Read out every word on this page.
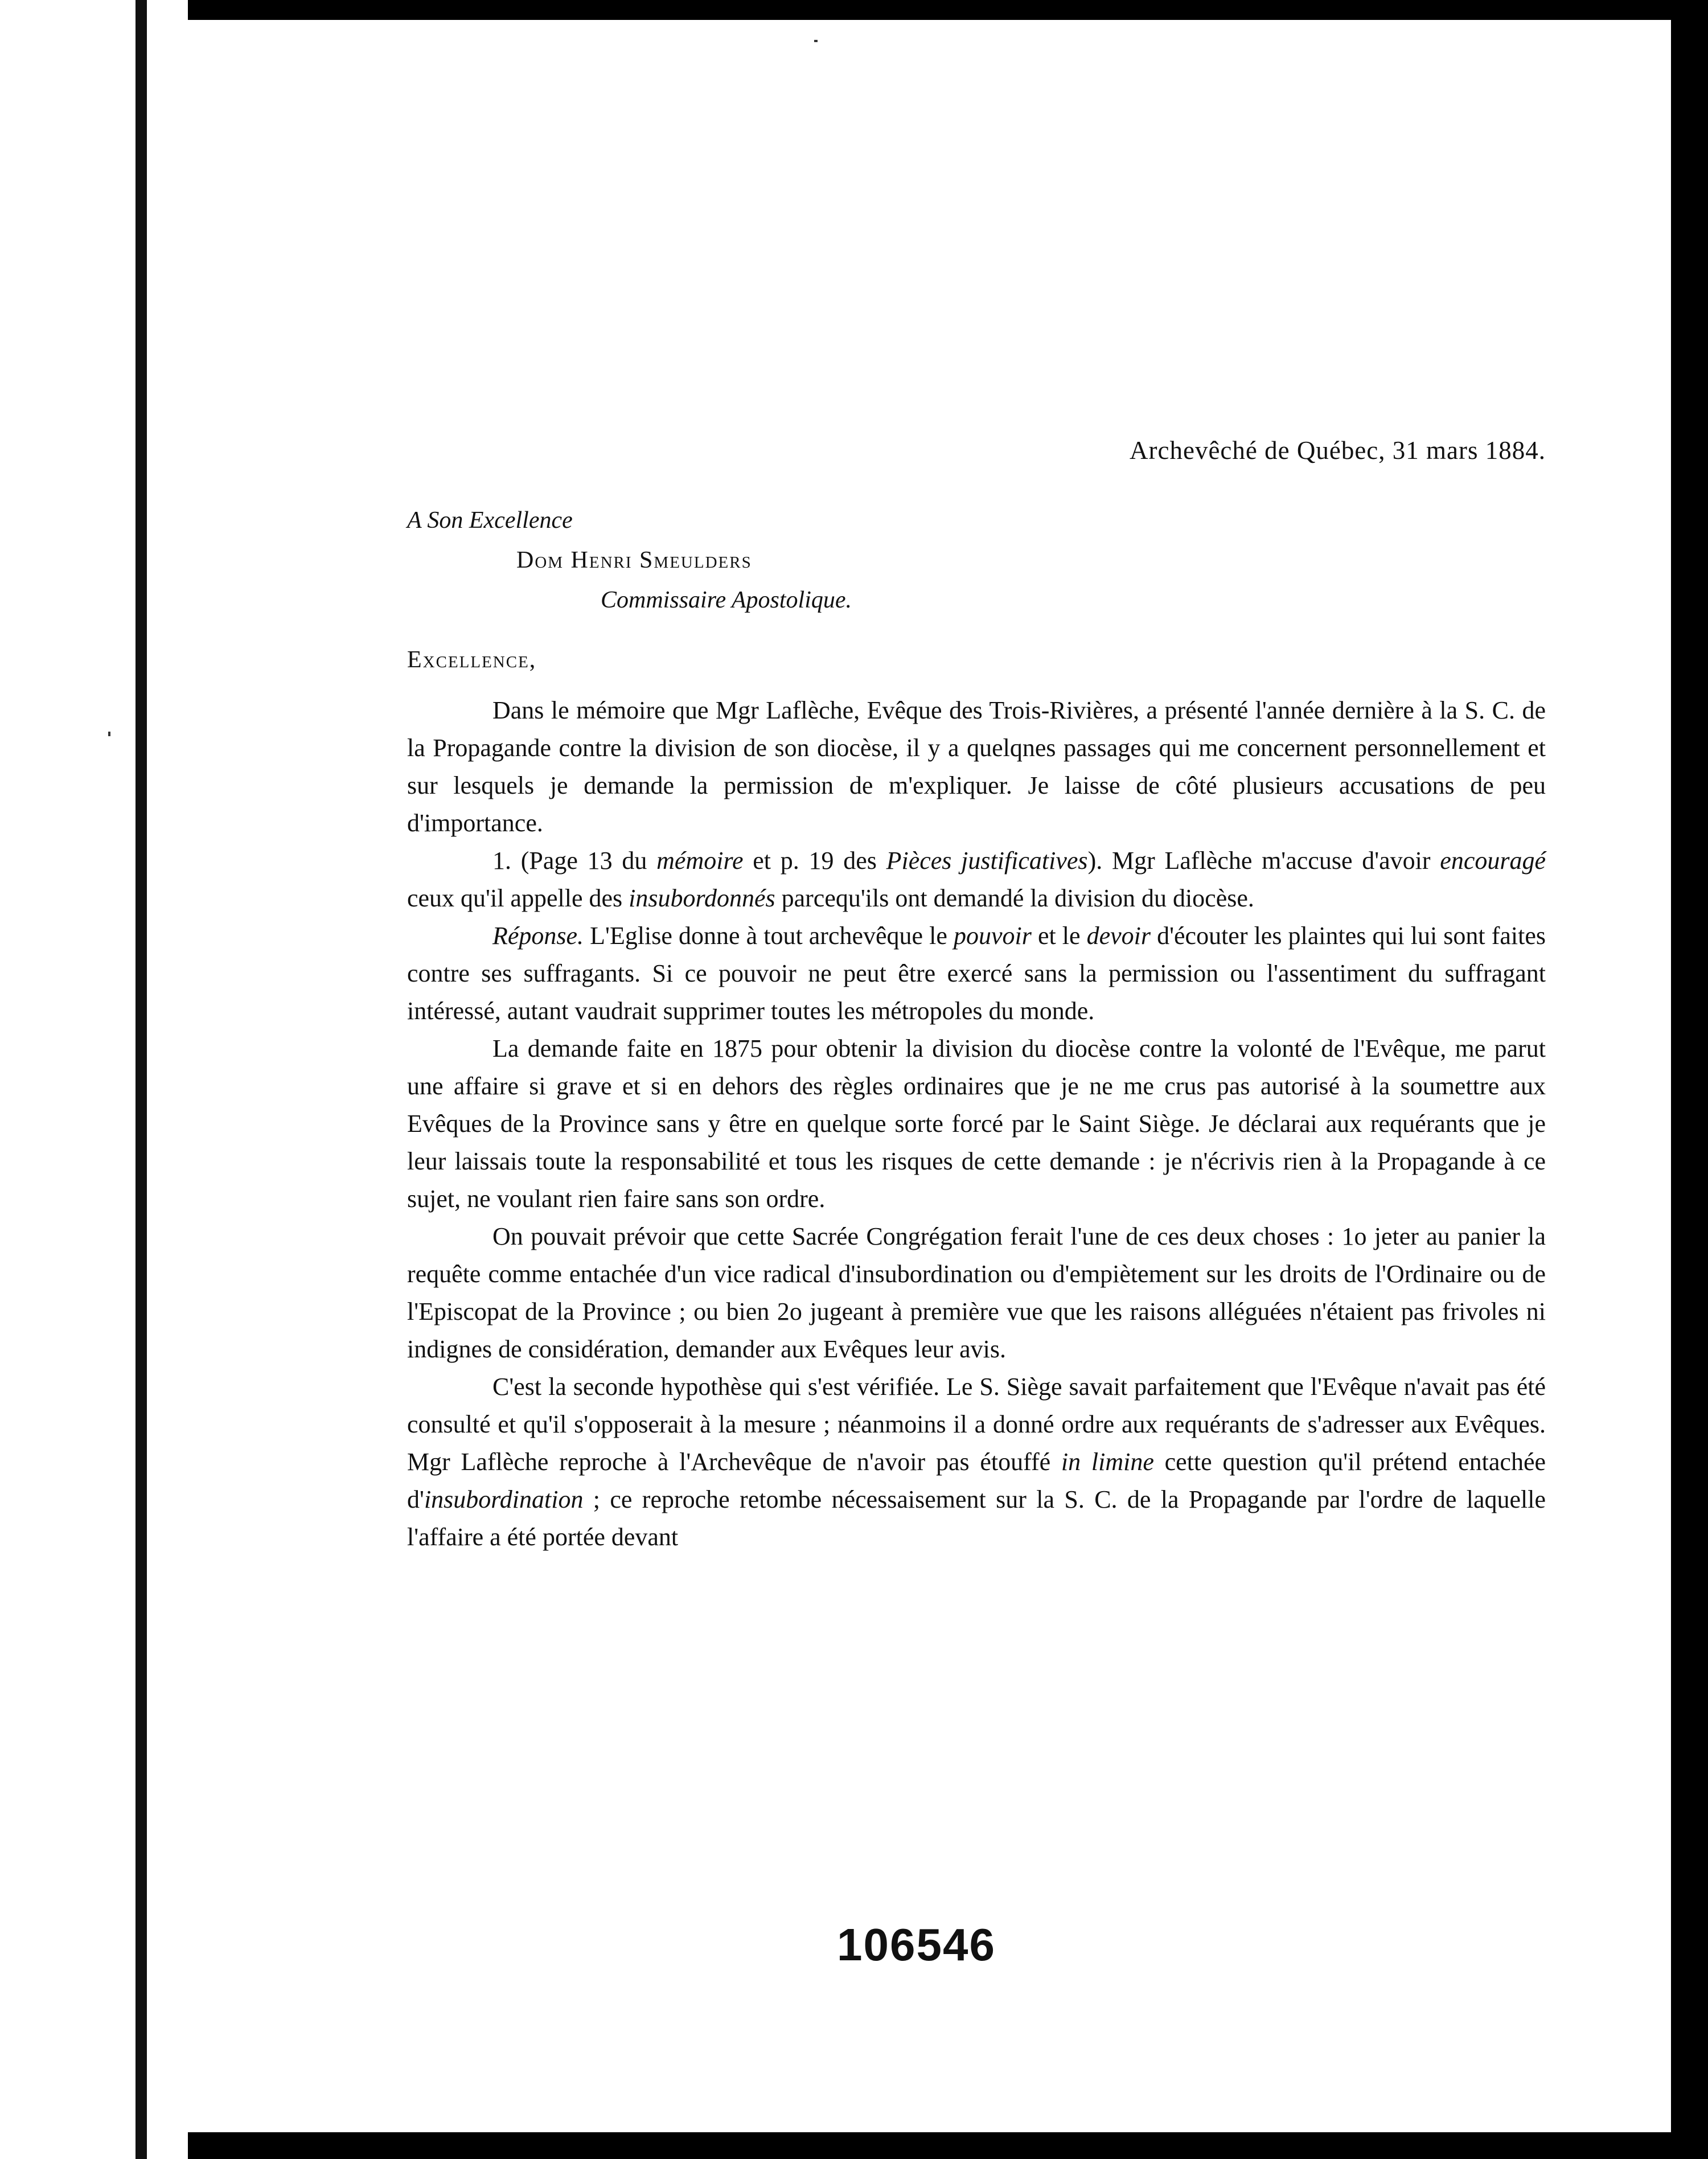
Archevêché de Québec, 31 mars 1884.
A Son Excellence
Dom Henri Smeulders
Commissaire Apostolique.
Excellence,

Dans le mémoire que Mgr Laflèche, Evêque des Trois-Rivières, a présenté l'année dernière à la S. C. de la Propagande contre la division de son diocèse, il y a quelqnes passages qui me concernent personnellement et sur lesquels je demande la permission de m'expliquer. Je laisse de côté plusieurs accusations de peu d'importance.

1. (Page 13 du mémoire et p. 19 des Pièces justificatives). Mgr Laflèche m'accuse d'avoir encouragé ceux qu'il appelle des insubordonnés parcequ'ils ont demandé la division du diocèse.

Réponse. L'Eglise donne à tout archevêque le pouvoir et le devoir d'écouter les plaintes qui lui sont faites contre ses suffragants. Si ce pouvoir ne peut être exercé sans la permission ou l'assentiment du suffragant intéressé, autant vaudrait supprimer toutes les métropoles du monde.

La demande faite en 1875 pour obtenir la division du diocèse contre la volonté de l'Evêque, me parut une affaire si grave et si en dehors des règles ordinaires que je ne me crus pas autorisé à la soumettre aux Evêques de la Province sans y être en quelque sorte forcé par le Saint Siège. Je déclarai aux requérants que je leur laissais toute la responsabilité et tous les risques de cette demande : je n'écrivis rien à la Propagande à ce sujet, ne voulant rien faire sans son ordre.

On pouvait prévoir que cette Sacrée Congrégation ferait l'une de ces deux choses : 1o jeter au panier la requête comme entachée d'un vice radical d'insubordination ou d'empiètement sur les droits de l'Ordinaire ou de l'Episcopat de la Province ; ou bien 2o jugeant à première vue que les raisons alléguées n'étaient pas frivoles ni indignes de considération, demander aux Evêques leur avis.

C'est la seconde hypothèse qui s'est vérifiée. Le S. Siège savait parfaitement que l'Evêque n'avait pas été consulté et qu'il s'opposerait à la mesure ; néanmoins il a donné ordre aux requérants de s'adresser aux Evêques. Mgr Laflèche reproche à l'Archevêque de n'avoir pas étouffé in limine cette question qu'il prétend entachée d'insubordination ; ce reproche retombe nécessaisement sur la S. C. de la Propagande par l'ordre de laquelle l'affaire a été portée devant

106546
